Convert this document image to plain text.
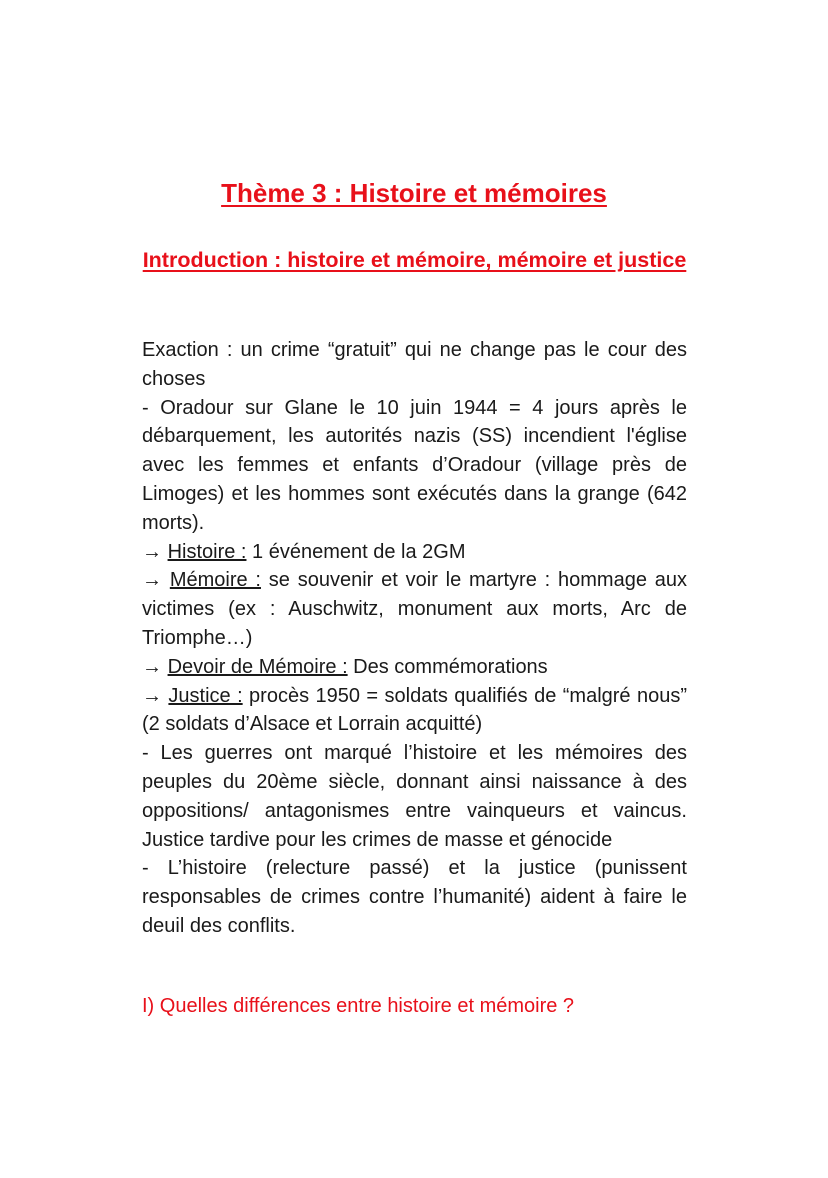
Thème 3 : Histoire et mémoires
Introduction : histoire et mémoire, mémoire et justice

Exaction : un crime “gratuit” qui ne change pas le cour des choses

- Oradour sur Glane le 10 juin 1944 = 4 jours après le débarquement, les autorités nazis (SS) incendient l'église avec les femmes et enfants d’Oradour (village près de Limoges) et les hommes sont exécutés dans la grange (642 morts).

→ Histoire : 1 événement de la 2GM

→ Mémoire : se souvenir et voir le martyre : hommage aux victimes (ex : Auschwitz, monument aux morts, Arc de Triomphe…)

→ Devoir de Mémoire : Des commémorations

→ Justice : procès 1950 = soldats qualifiés de “malgré nous” (2 soldats d’Alsace et Lorrain acquitté)

- Les guerres ont marqué l’histoire et les mémoires des peuples du 20ème siècle, donnant ainsi naissance à des oppositions/ antagonismes entre vainqueurs et vaincus. Justice tardive pour les crimes de masse et génocide

- L’histoire (relecture passé) et la justice (punissent responsables de crimes contre l’humanité) aident à faire le deuil des conflits.

I) Quelles différences entre histoire et mémoire ?
